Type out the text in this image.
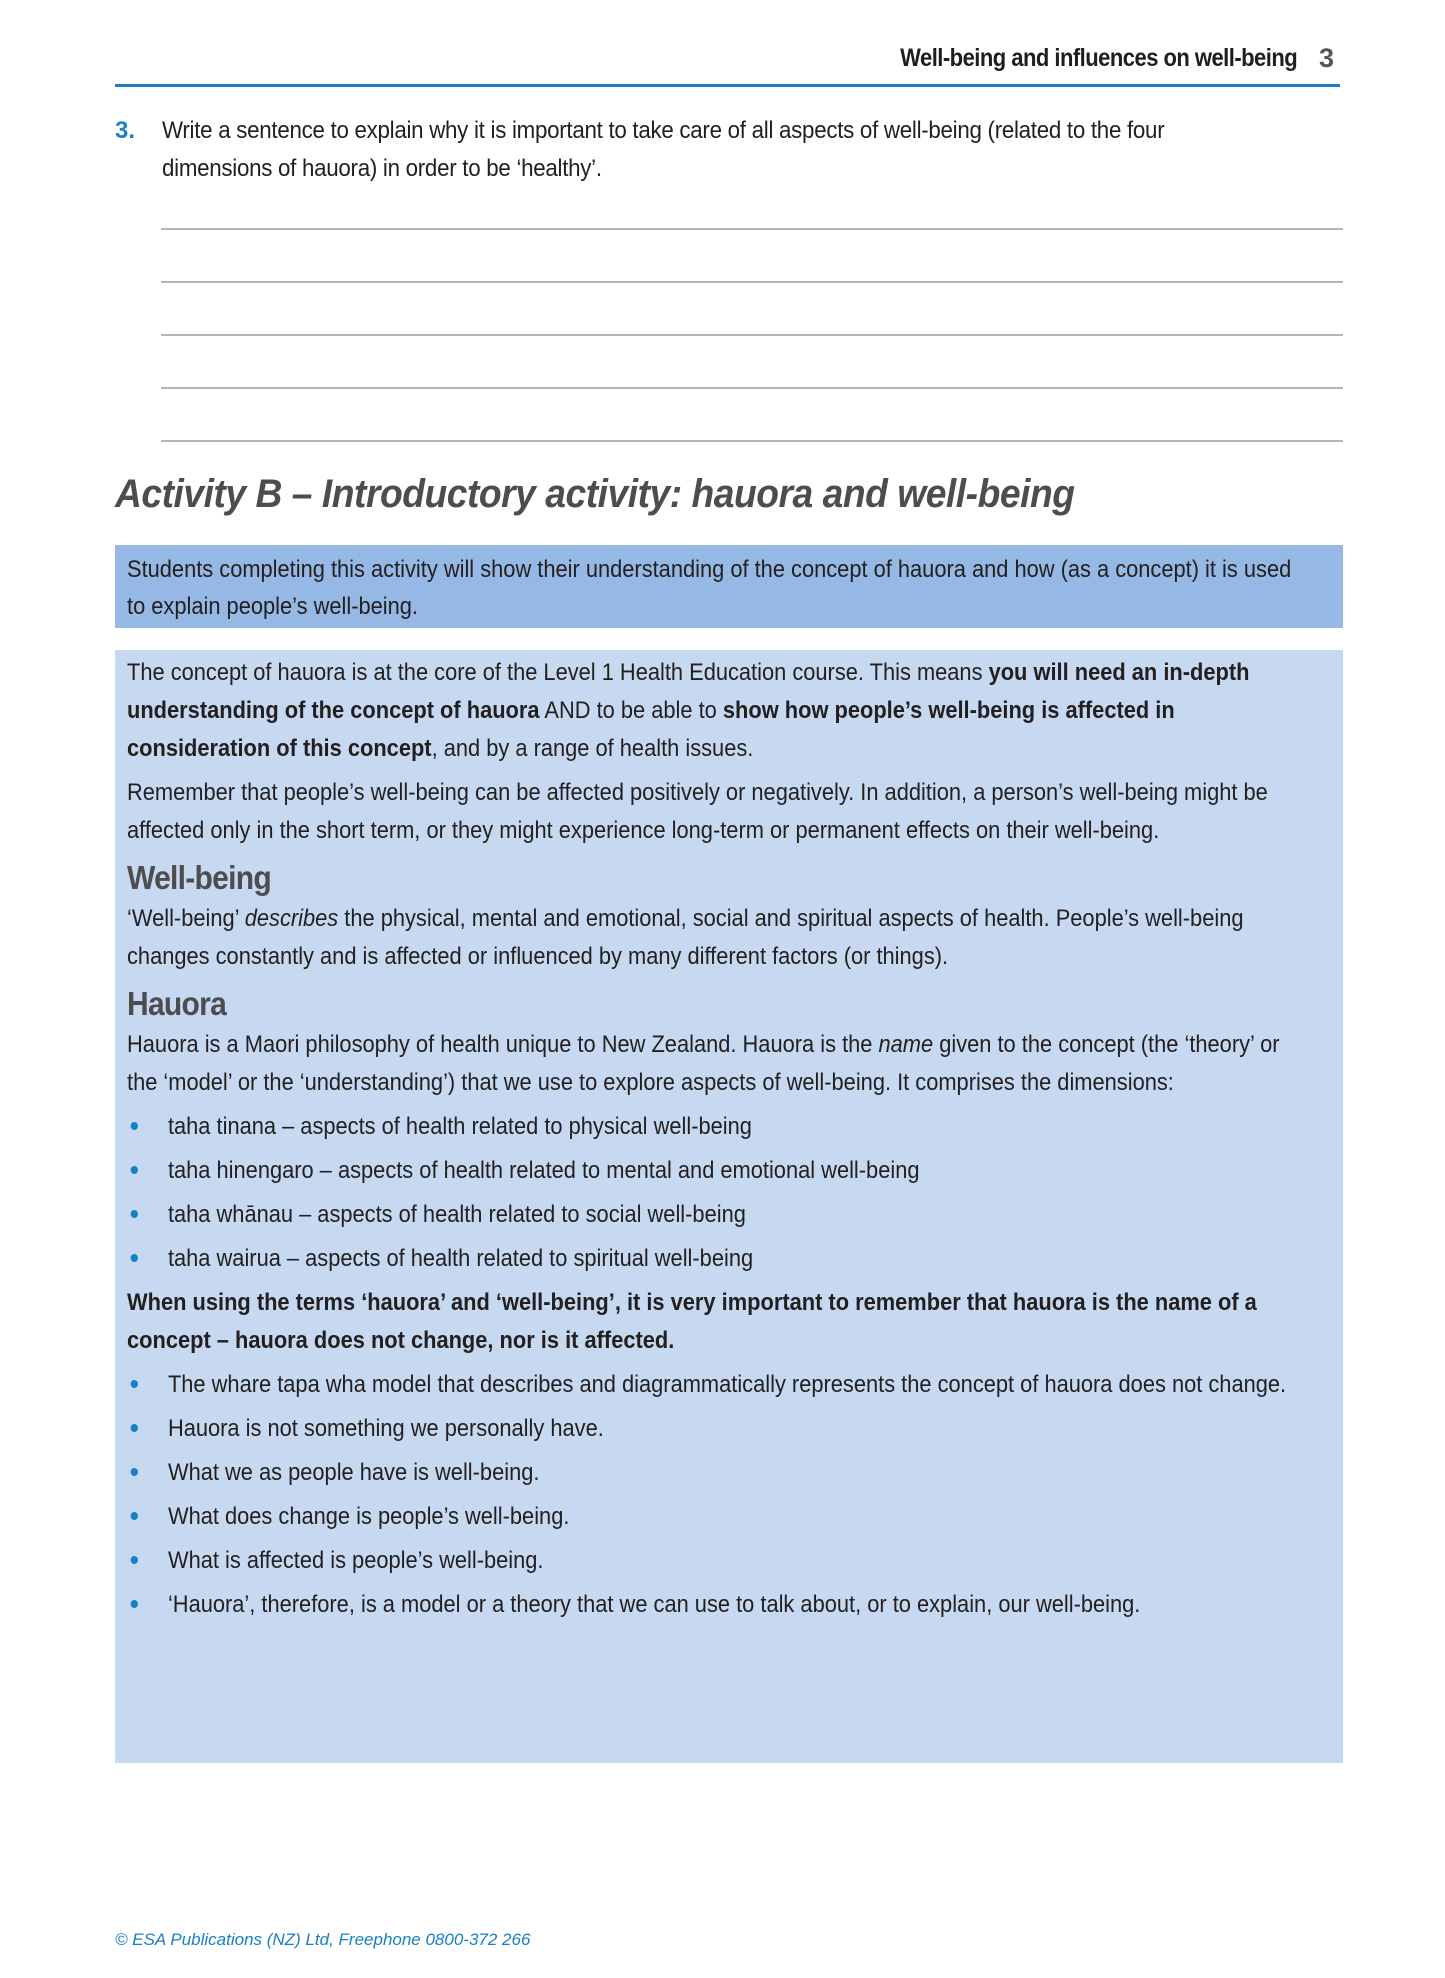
Well-being and influences on well-being 3
3.	Write a sentence to explain why it is important to take care of all aspects of well-being (related to the four dimensions of hauora) in order to be ‘healthy’.
Activity B – Introductory activity: hauora and well-being
Students completing this activity will show their understanding of the concept of hauora and how (as a concept) it is used to explain people’s well-being.

The concept of hauora is at the core of the Level 1 Health Education course. This means you will need an in-depth understanding of the concept of hauora AND to be able to show how people’s well-being is affected in consideration of this concept, and by a range of health issues.

Remember that people’s well-being can be affected positively or negatively. In addition, a person’s well-being might be affected only in the short term, or they might experience long-term or permanent effects on their well-being.

Well-being

‘Well-being’ describes the physical, mental and emotional, social and spiritual aspects of health. People’s well-being changes constantly and is affected or influenced by many different factors (or things).

Hauora

Hauora is a Maori philosophy of health unique to New Zealand. Hauora is the name given to the concept (the ‘theory’ or the ‘model’ or the ‘understanding’) that we use to explore aspects of well-being. It comprises the dimensions:

taha tinana – aspects of health related to physical well-being
taha hinengaro – aspects of health related to mental and emotional well-being
taha whānau – aspects of health related to social well-being
taha wairua – aspects of health related to spiritual well-being

When using the terms ‘hauora’ and ‘well-being’, it is very important to remember that hauora is the name of a concept – hauora does not change, nor is it affected.

The whare tapa wha model that describes and diagrammatically represents the concept of hauora does not change.
Hauora is not something we personally have.
What we as people have is well-being.
What does change is people’s well-being.
What is affected is people’s well-being.
‘Hauora’, therefore, is a model or a theory that we can use to talk about, or to explain, our well-being.
© ESA Publications (NZ) Ltd, Freephone 0800-372 266
